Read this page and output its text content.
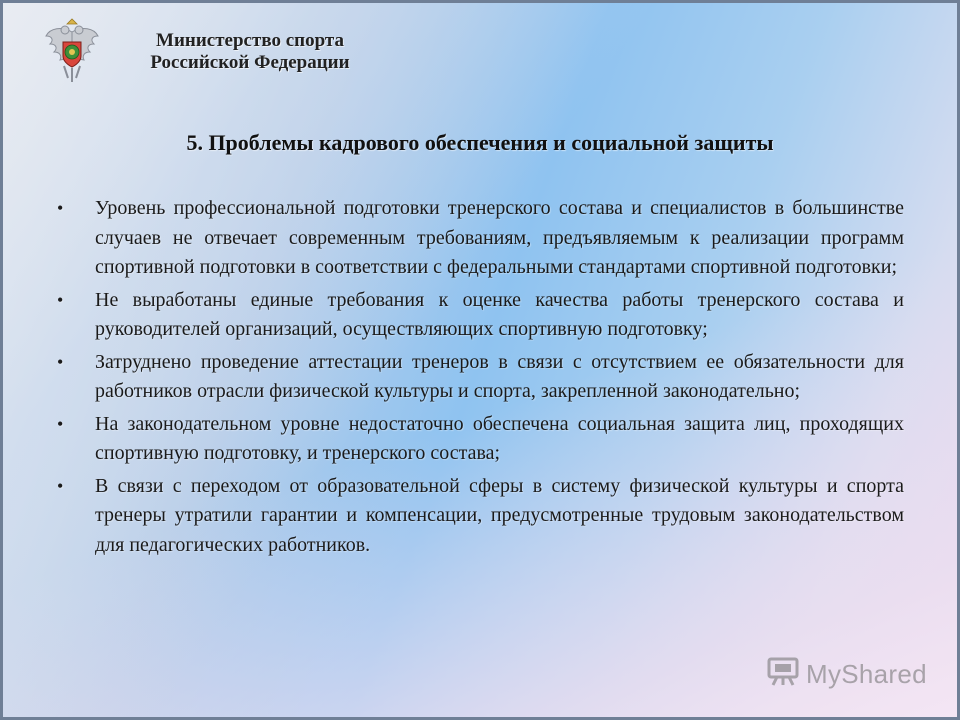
Министерство спорта
Российской Федерации
5. Проблемы кадрового обеспечения и социальной защиты
• Уровень профессиональной подготовки тренерского состава и специалистов в большинстве случаев не отвечает современным требованиям, предъявляемым к реализации программ спортивной подготовки в соответствии с федеральными стандартами спортивной подготовки;
• Не выработаны единые требования к оценке качества работы тренерского состава и руководителей организаций, осуществляющих спортивную подготовку;
• Затруднено проведение аттестации тренеров в связи с отсутствием ее обязательности для работников отрасли физической культуры и спорта, закрепленной законодательно;
• На законодательном уровне недостаточно обеспечена социальная защита лиц, проходящих спортивную подготовку, и тренерского состава;
• В связи с переходом от образовательной сферы в систему физической культуры и спорта тренеры утратили гарантии и компенсации, предусмотренные трудовым законодательством для педагогических работников.
MyShared
